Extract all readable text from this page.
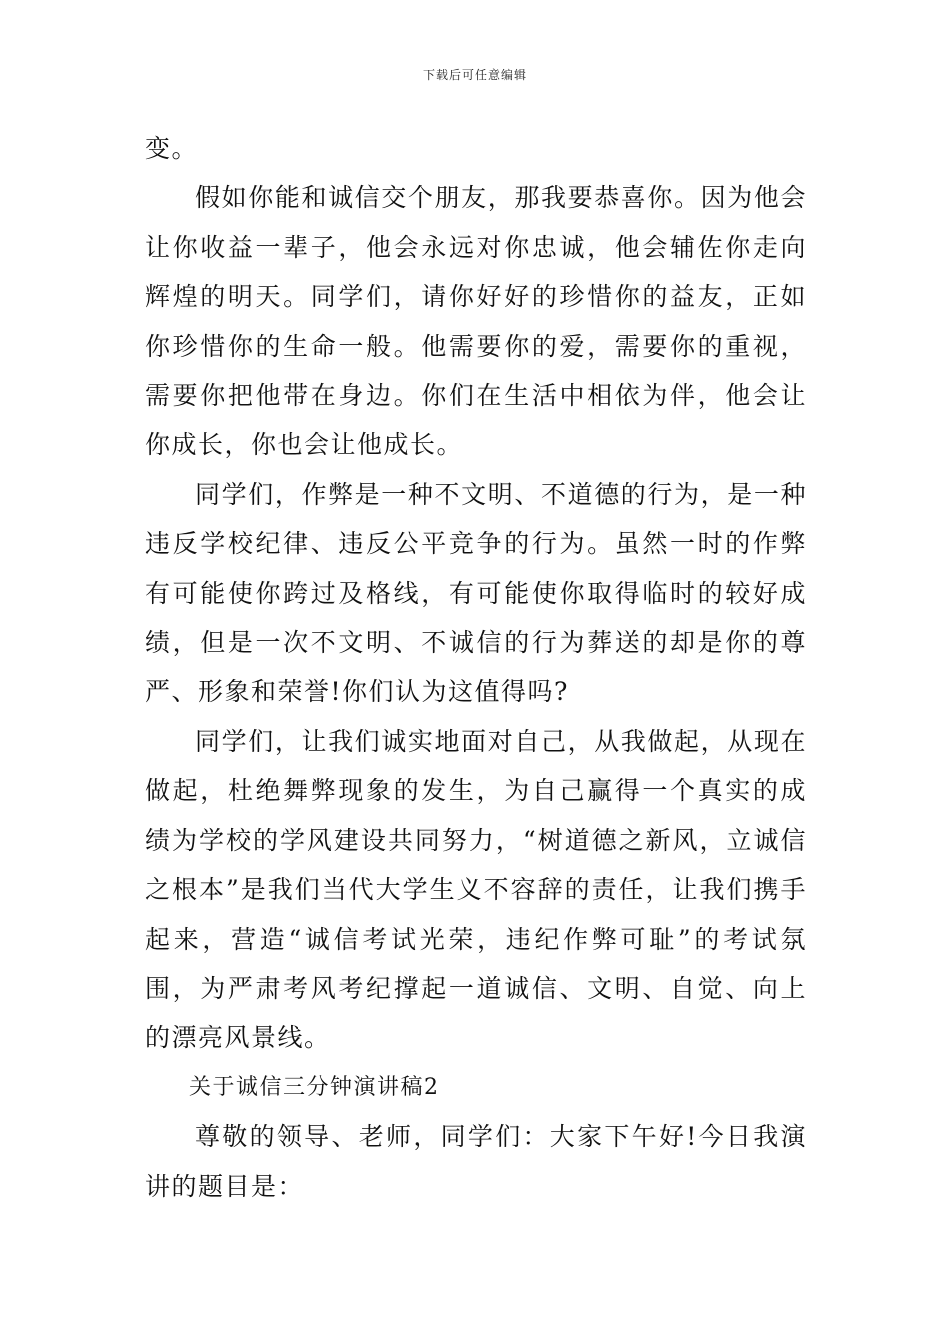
下载后可任意编辑

变。

假如你能和诚信交个朋友，那我要恭喜你。因为他会让你收益一辈子，他会永远对你忠诚，他会辅佐你走向辉煌的明天。同学们，请你好好的珍惜你的益友，正如你珍惜你的生命一般。他需要你的爱，需要你的重视，需要你把他带在身边。你们在生活中相依为伴，他会让你成长，你也会让他成长。

同学们，作弊是一种不文明、不道德的行为，是一种违反学校纪律、违反公平竞争的行为。虽然一时的作弊有可能使你跨过及格线，有可能使你取得临时的较好成绩，但是一次不文明、不诚信的行为葬送的却是你的尊严、形象和荣誉!你们认为这值得吗?

同学们，让我们诚实地面对自己，从我做起，从现在做起，杜绝舞弊现象的发生，为自己赢得一个真实的成绩为学校的学风建设共同努力，“树道德之新风，立诚信之根本”是我们当代大学生义不容辞的责任，让我们携手起来，营造“诚信考试光荣，违纪作弊可耻”的考试氛围，为严肃考风考纪撑起一道诚信、文明、自觉、向上的漂亮风景线。

关于诚信三分钟演讲稿2

尊敬的领导、老师，同学们：大家下午好!今日我演讲的题目是：
